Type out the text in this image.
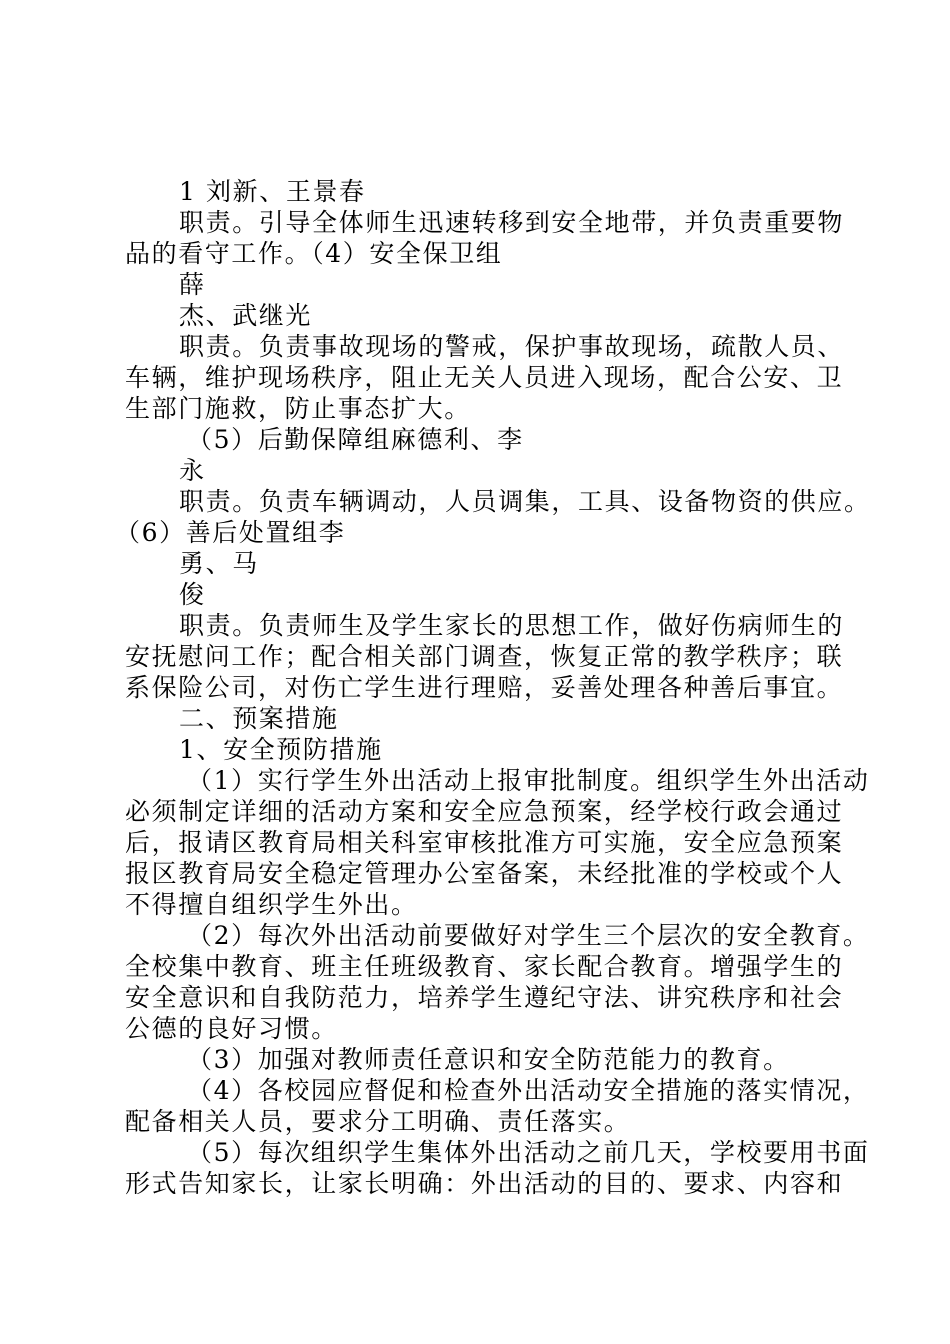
1 刘新、王景春
职责。引导全体师生迅速转移到安全地带，并负责重要物
品的看守工作。（4）安全保卫组
薛
杰、武继光
职责。负责事故现场的警戒，保护事故现场，疏散人员、
车辆，维护现场秩序，阻止无关人员进入现场，配合公安、卫
生部门施救，防止事态扩大。
（5）后勤保障组麻德利、李
永
职责。负责车辆调动，人员调集，工具、设备物资的供应。
（6）善后处置组李
勇、马
俊
职责。负责师生及学生家长的思想工作，做好伤病师生的
安抚慰问工作；配合相关部门调查，恢复正常的教学秩序；联
系保险公司，对伤亡学生进行理赔，妥善处理各种善后事宜。
二、预案措施
1、安全预防措施
（1）实行学生外出活动上报审批制度。组织学生外出活动
必须制定详细的活动方案和安全应急预案，经学校行政会通过
后，报请区教育局相关科室审核批准方可实施，安全应急预案
报区教育局安全稳定管理办公室备案，未经批准的学校或个人
不得擅自组织学生外出。
（2）每次外出活动前要做好对学生三个层次的安全教育。
全校集中教育、班主任班级教育、家长配合教育。增强学生的
安全意识和自我防范力，培养学生遵纪守法、讲究秩序和社会
公德的良好习惯。
（3）加强对教师责任意识和安全防范能力的教育。
（4）各校园应督促和检查外出活动安全措施的落实情况，
配备相关人员，要求分工明确、责任落实。
（5）每次组织学生集体外出活动之前几天，学校要用书面
形式告知家长，让家长明确：外出活动的目的、要求、内容和
